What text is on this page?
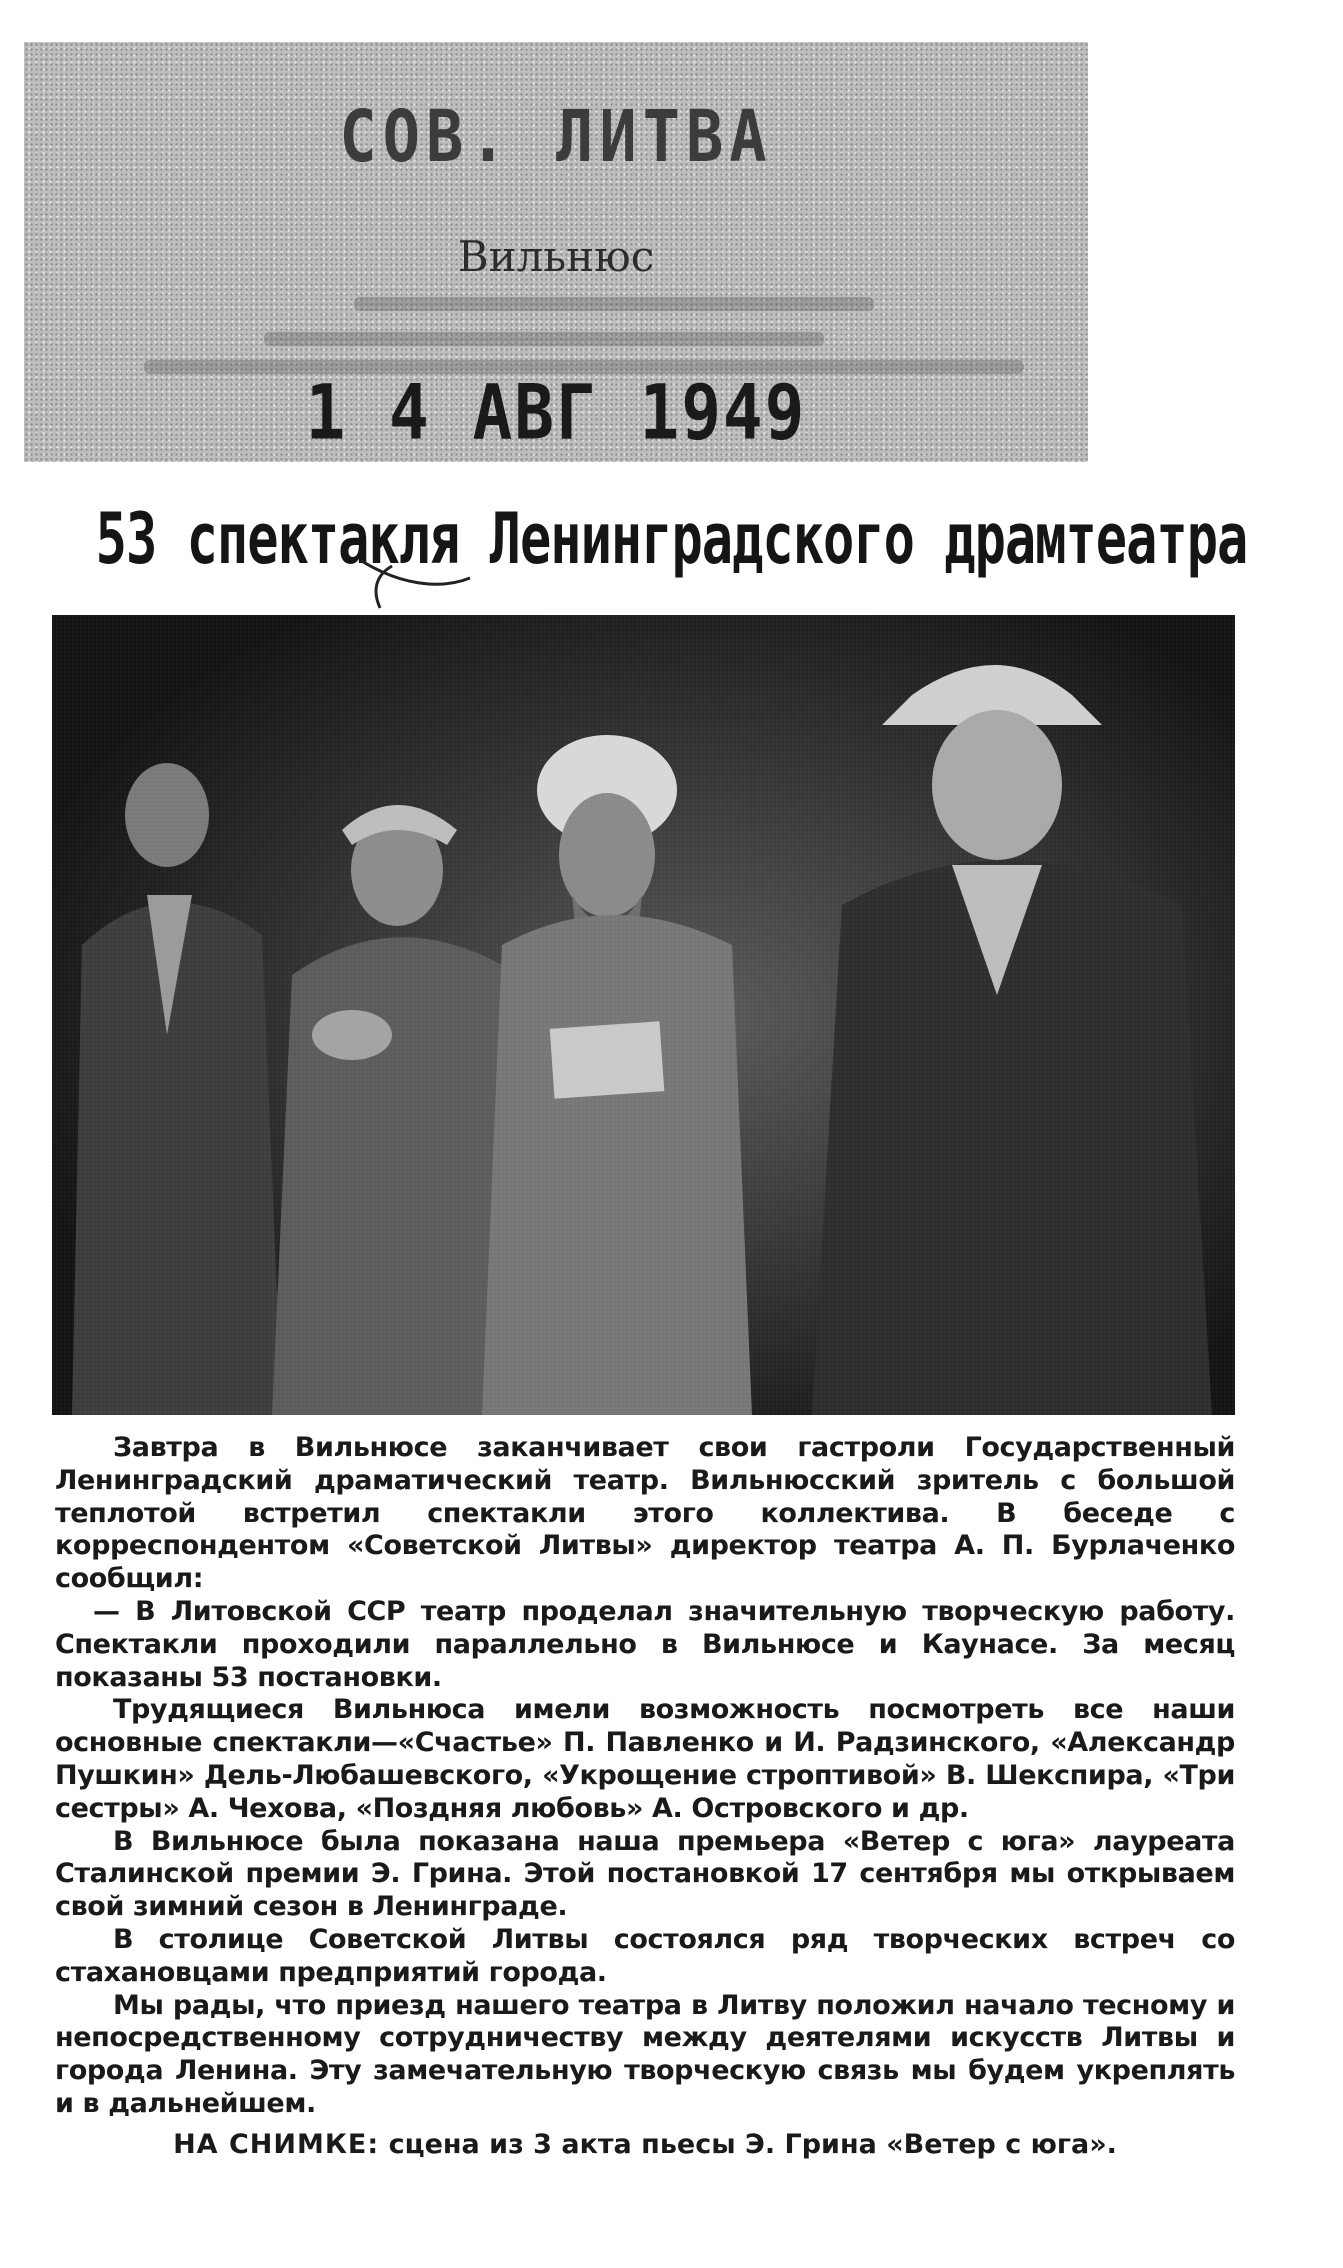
СОВ. ЛИТВА
Вильнюс
1 4 АВГ 1949
53 спектакля Ленинградского драмтеатра

Завтра в Вильнюсе заканчивает свои гастроли Государственный Ленинградский драматический театр. Вильнюсский зритель с большой теплотой встретил спектакли этого коллектива. В беседе с корреспондентом «Советской Литвы» директор театра А. П. Бурлаченко сообщил:

— В Литовской ССР театр проделал значительную творческую работу. Спектакли проходили параллельно в Вильнюсе и Каунасе. За месяц показаны 53 постановки.

Трудящиеся Вильнюса имели возможность посмотреть все наши основные спектакли—«Счастье» П. Павленко и И. Радзинского, «Александр Пушкин» Дель-Любашевского, «Укрощение строптивой» В. Шекспира, «Три сестры» А. Чехова, «Поздняя любовь» А. Островского и др.

В Вильнюсе была показана наша премьера «Ветер с юга» лауреата Сталинской премии Э. Грина. Этой постановкой 17 сентября мы открываем свой зимний сезон в Ленинграде.

В столице Советской Литвы состоялся ряд творческих встреч со стахановцами предприятий города.

Мы рады, что приезд нашего театра в Литву положил начало тесному и непосредственному сотрудничеству между деятелями искусств Литвы и города Ленина. Эту замечательную творческую связь мы будем укреплять и в дальнейшем.

НА СНИМКЕ: сцена из 3 акта пьесы Э. Грина «Ветер с юга».
